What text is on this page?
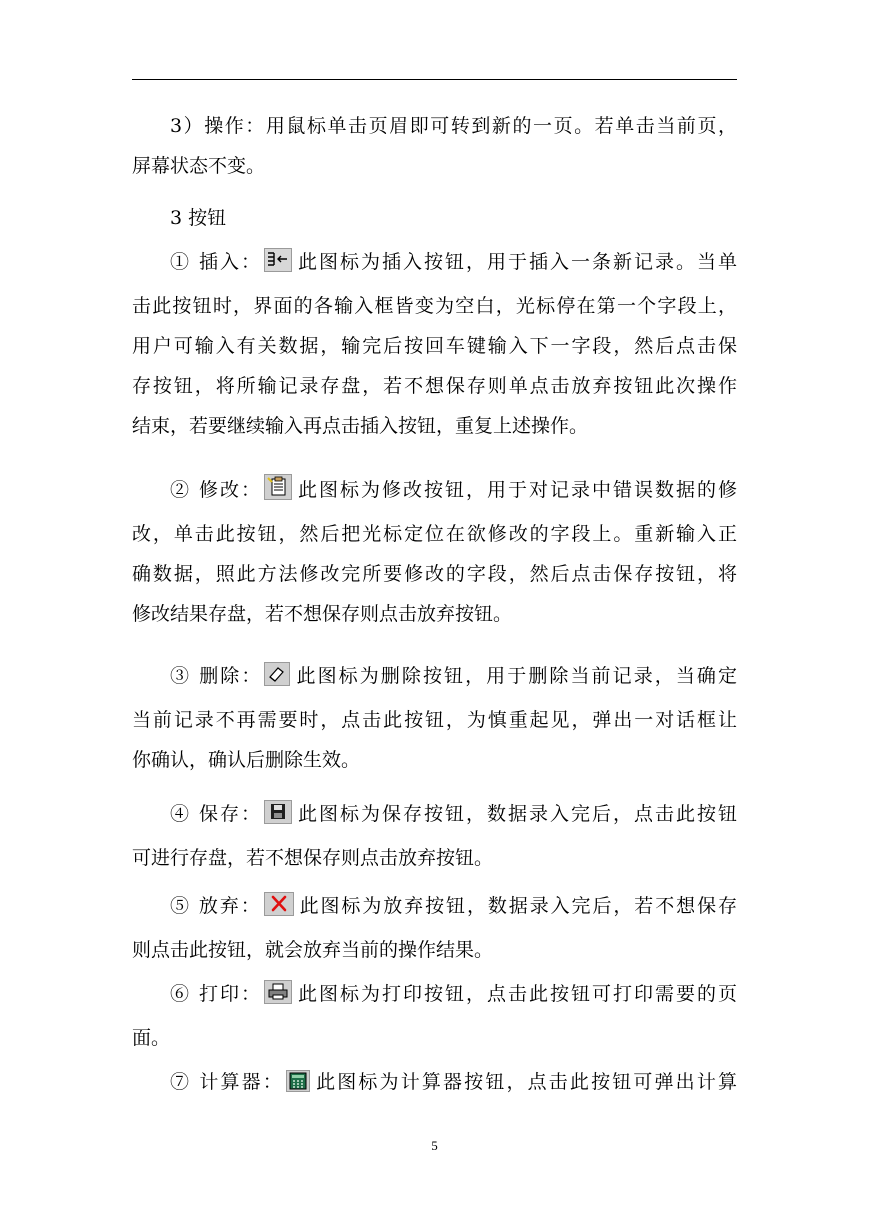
3）操作：用鼠标单击页眉即可转到新的一页。若单击当前页，
屏幕状态不变。

3 按钮

① 插入： 此图标为插入按钮，用于插入一条新记录。当单
击此按钮时，界面的各输入框皆变为空白，光标停在第一个字段上，
用户可输入有关数据，输完后按回车键输入下一字段，然后点击保
存按钮，将所输记录存盘，若不想保存则单点击放弃按钮此次操作
结束，若要继续输入再点击插入按钮，重复上述操作。

② 修改： 此图标为修改按钮，用于对记录中错误数据的修
改，单击此按钮，然后把光标定位在欲修改的字段上。重新输入正
确数据，照此方法修改完所要修改的字段，然后点击保存按钮，将
修改结果存盘，若不想保存则点击放弃按钮。

③ 删除： 此图标为删除按钮，用于删除当前记录，当确定
当前记录不再需要时，点击此按钮，为慎重起见，弹出一对话框让
你确认，确认后删除生效。

④ 保存： 此图标为保存按钮，数据录入完后，点击此按钮
可进行存盘，若不想保存则点击放弃按钮。

⑤ 放弃： 此图标为放弃按钮，数据录入完后，若不想保存
则点击此按钮，就会放弃当前的操作结果。

⑥ 打印： 此图标为打印按钮，点击此按钮可打印需要的页
面。

⑦ 计算器： 此图标为计算器按钮，点击此按钮可弹出计算

5
